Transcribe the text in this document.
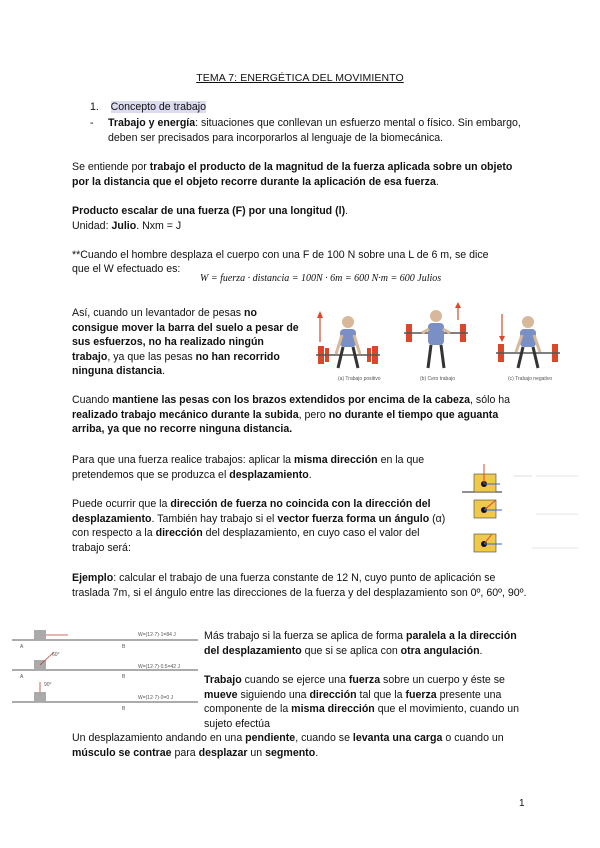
TEMA 7: ENERGÉTICA DEL MOVIMIENTO
1. Concepto de trabajo
- Trabajo y energía: situaciones que conllevan un esfuerzo mental o físico. Sin embargo, deben ser precisados para incorporarlos al lenguaje de la biomecánica.
Se entiende por trabajo el producto de la magnitud de la fuerza aplicada sobre un objeto por la distancia que el objeto recorre durante la aplicación de esa fuerza.
Producto escalar de una fuerza (F) por una longitud (l).
Unidad: Julio. Nxm = J
**Cuando el hombre desplaza el cuerpo con una F de 100 N sobre una L de 6 m, se dice
que el W efectuado es:
W = fuerza · distancia = 100N · 6m = 600 N·m = 600 Julios
Así, cuando un levantador de pesas no consigue mover la barra del suelo a pesar de sus esfuerzos, no ha realizado ningún trabajo, ya que las pesas no han recorrido ninguna distancia.
(a) Trabajo positivo	(b) Cero trabajo	(c) Trabajo negativo
Cuando mantiene las pesas con los brazos extendidos por encima de la cabeza, sólo ha realizado trabajo mecánico durante la subida, pero no durante el tiempo que aguanta arriba, ya que no recorre ninguna distancia.
Para que una fuerza realice trabajos: aplicar la misma dirección en la que pretendemos que se produzca el desplazamiento.
Puede ocurrir que la dirección de fuerza no coincida con la dirección del desplazamiento. También hay trabajo si el vector fuerza forma un ángulo (α) con respecto a la dirección del desplazamiento, en cuyo caso el valor del trabajo será:
Ejemplo: calcular el trabajo de una fuerza constante de 12 N, cuyo punto de aplicación se traslada 7m, si el ángulo entre las direcciones de la fuerza y del desplazamiento son 0º, 60º, 90º.
W=(12·7)·1=84 J
A	B
60°
W=(12·7)·0.5=42 J
A	B
90°
W=(12·7)·0=0 J
B
Más trabajo si la fuerza se aplica de forma paralela a la dirección del desplazamiento que si se aplica con otra angulación.
Trabajo cuando se ejerce una fuerza sobre un cuerpo y éste se mueve siguiendo una dirección tal que la fuerza presente una componente de la misma dirección que el movimiento, cuando un sujeto efectúa
Un desplazamiento andando en una pendiente, cuando se levanta una carga o cuando un músculo se contrae para desplazar un segmento.
1
